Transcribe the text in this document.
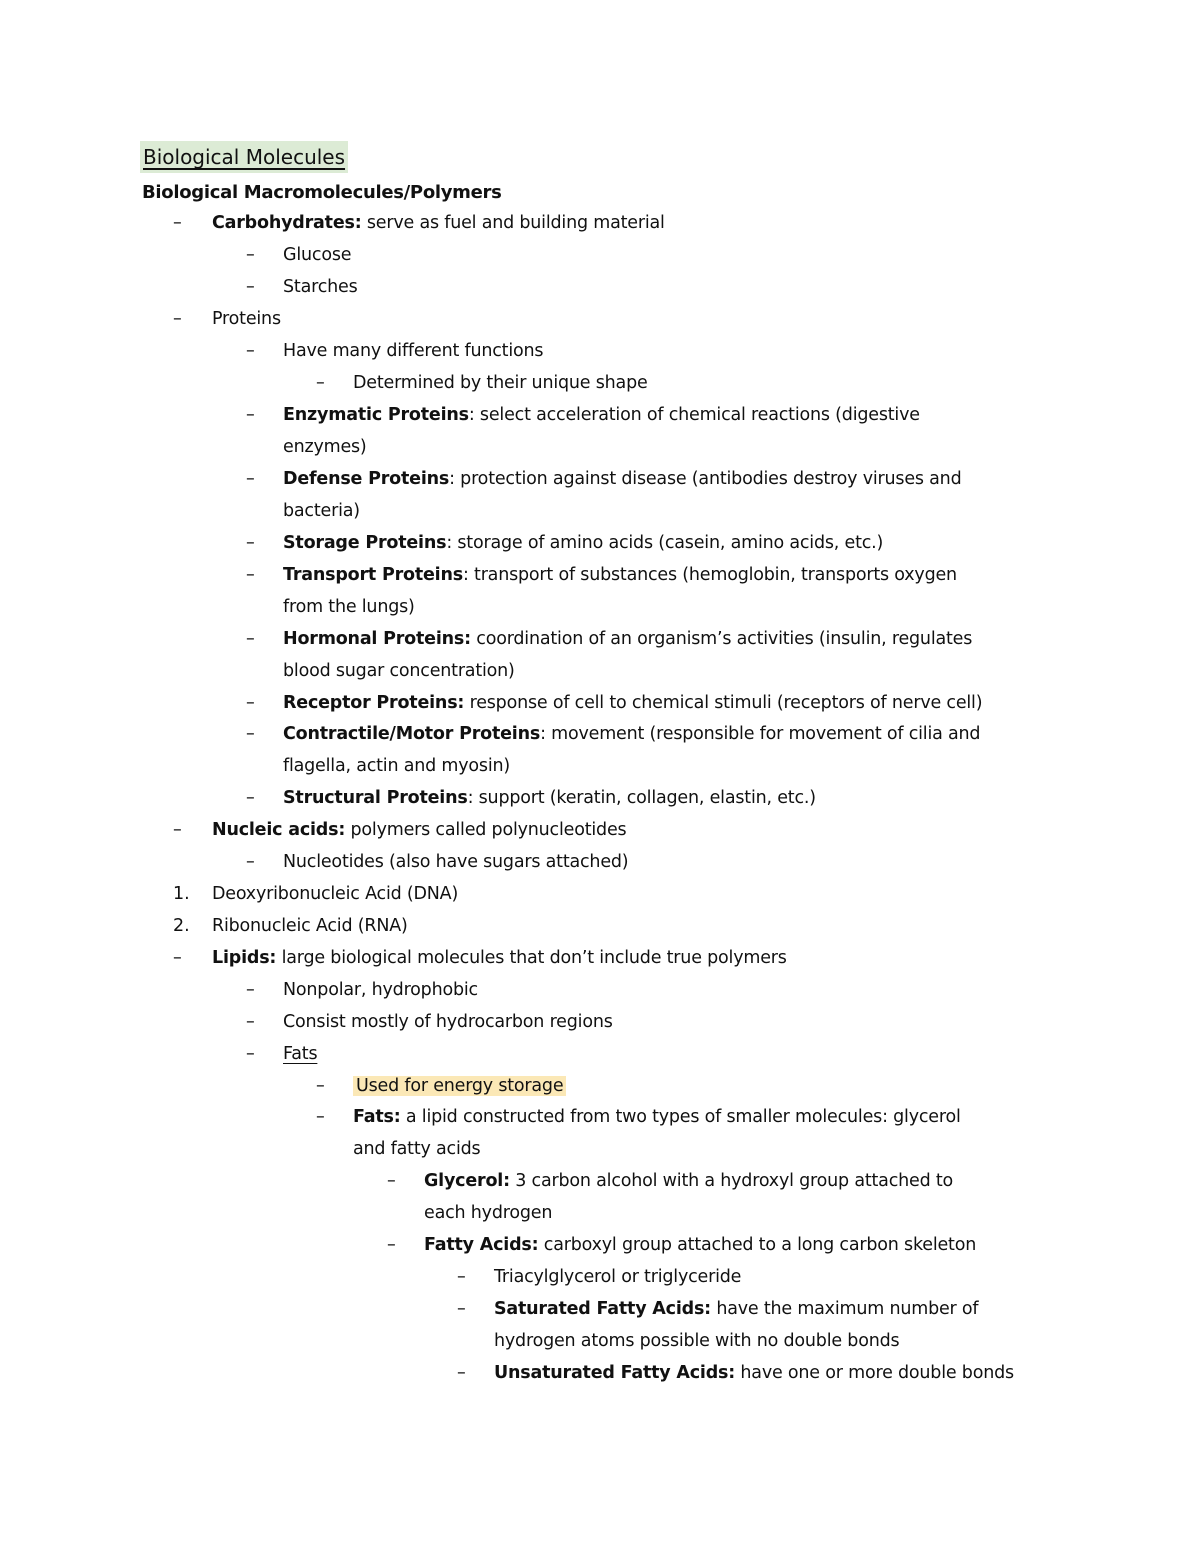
Biological Molecules
Biological Macromolecules/Polymers
– Carbohydrates: serve as fuel and building material
– Glucose
– Starches
– Proteins
– Have many different functions
– Determined by their unique shape
– Enzymatic Proteins: select acceleration of chemical reactions (digestive
enzymes)
– Defense Proteins: protection against disease (antibodies destroy viruses and
bacteria)
– Storage Proteins: storage of amino acids (casein, amino acids, etc.)
– Transport Proteins: transport of substances (hemoglobin, transports oxygen
from the lungs)
– Hormonal Proteins: coordination of an organism’s activities (insulin, regulates
blood sugar concentration)
– Receptor Proteins: response of cell to chemical stimuli (receptors of nerve cell)
– Contractile/Motor Proteins: movement (responsible for movement of cilia and
flagella, actin and myosin)
– Structural Proteins: support (keratin, collagen, elastin, etc.)
– Nucleic acids: polymers called polynucleotides
– Nucleotides (also have sugars attached)
1. Deoxyribonucleic Acid (DNA)
2. Ribonucleic Acid (RNA)
– Lipids: large biological molecules that don’t include true polymers
– Nonpolar, hydrophobic
– Consist mostly of hydrocarbon regions
– Fats
– Used for energy storage
– Fats: a lipid constructed from two types of smaller molecules: glycerol
and fatty acids
– Glycerol: 3 carbon alcohol with a hydroxyl group attached to
each hydrogen
– Fatty Acids: carboxyl group attached to a long carbon skeleton
– Triacylglycerol or triglyceride
– Saturated Fatty Acids: have the maximum number of
hydrogen atoms possible with no double bonds
– Unsaturated Fatty Acids: have one or more double bonds
